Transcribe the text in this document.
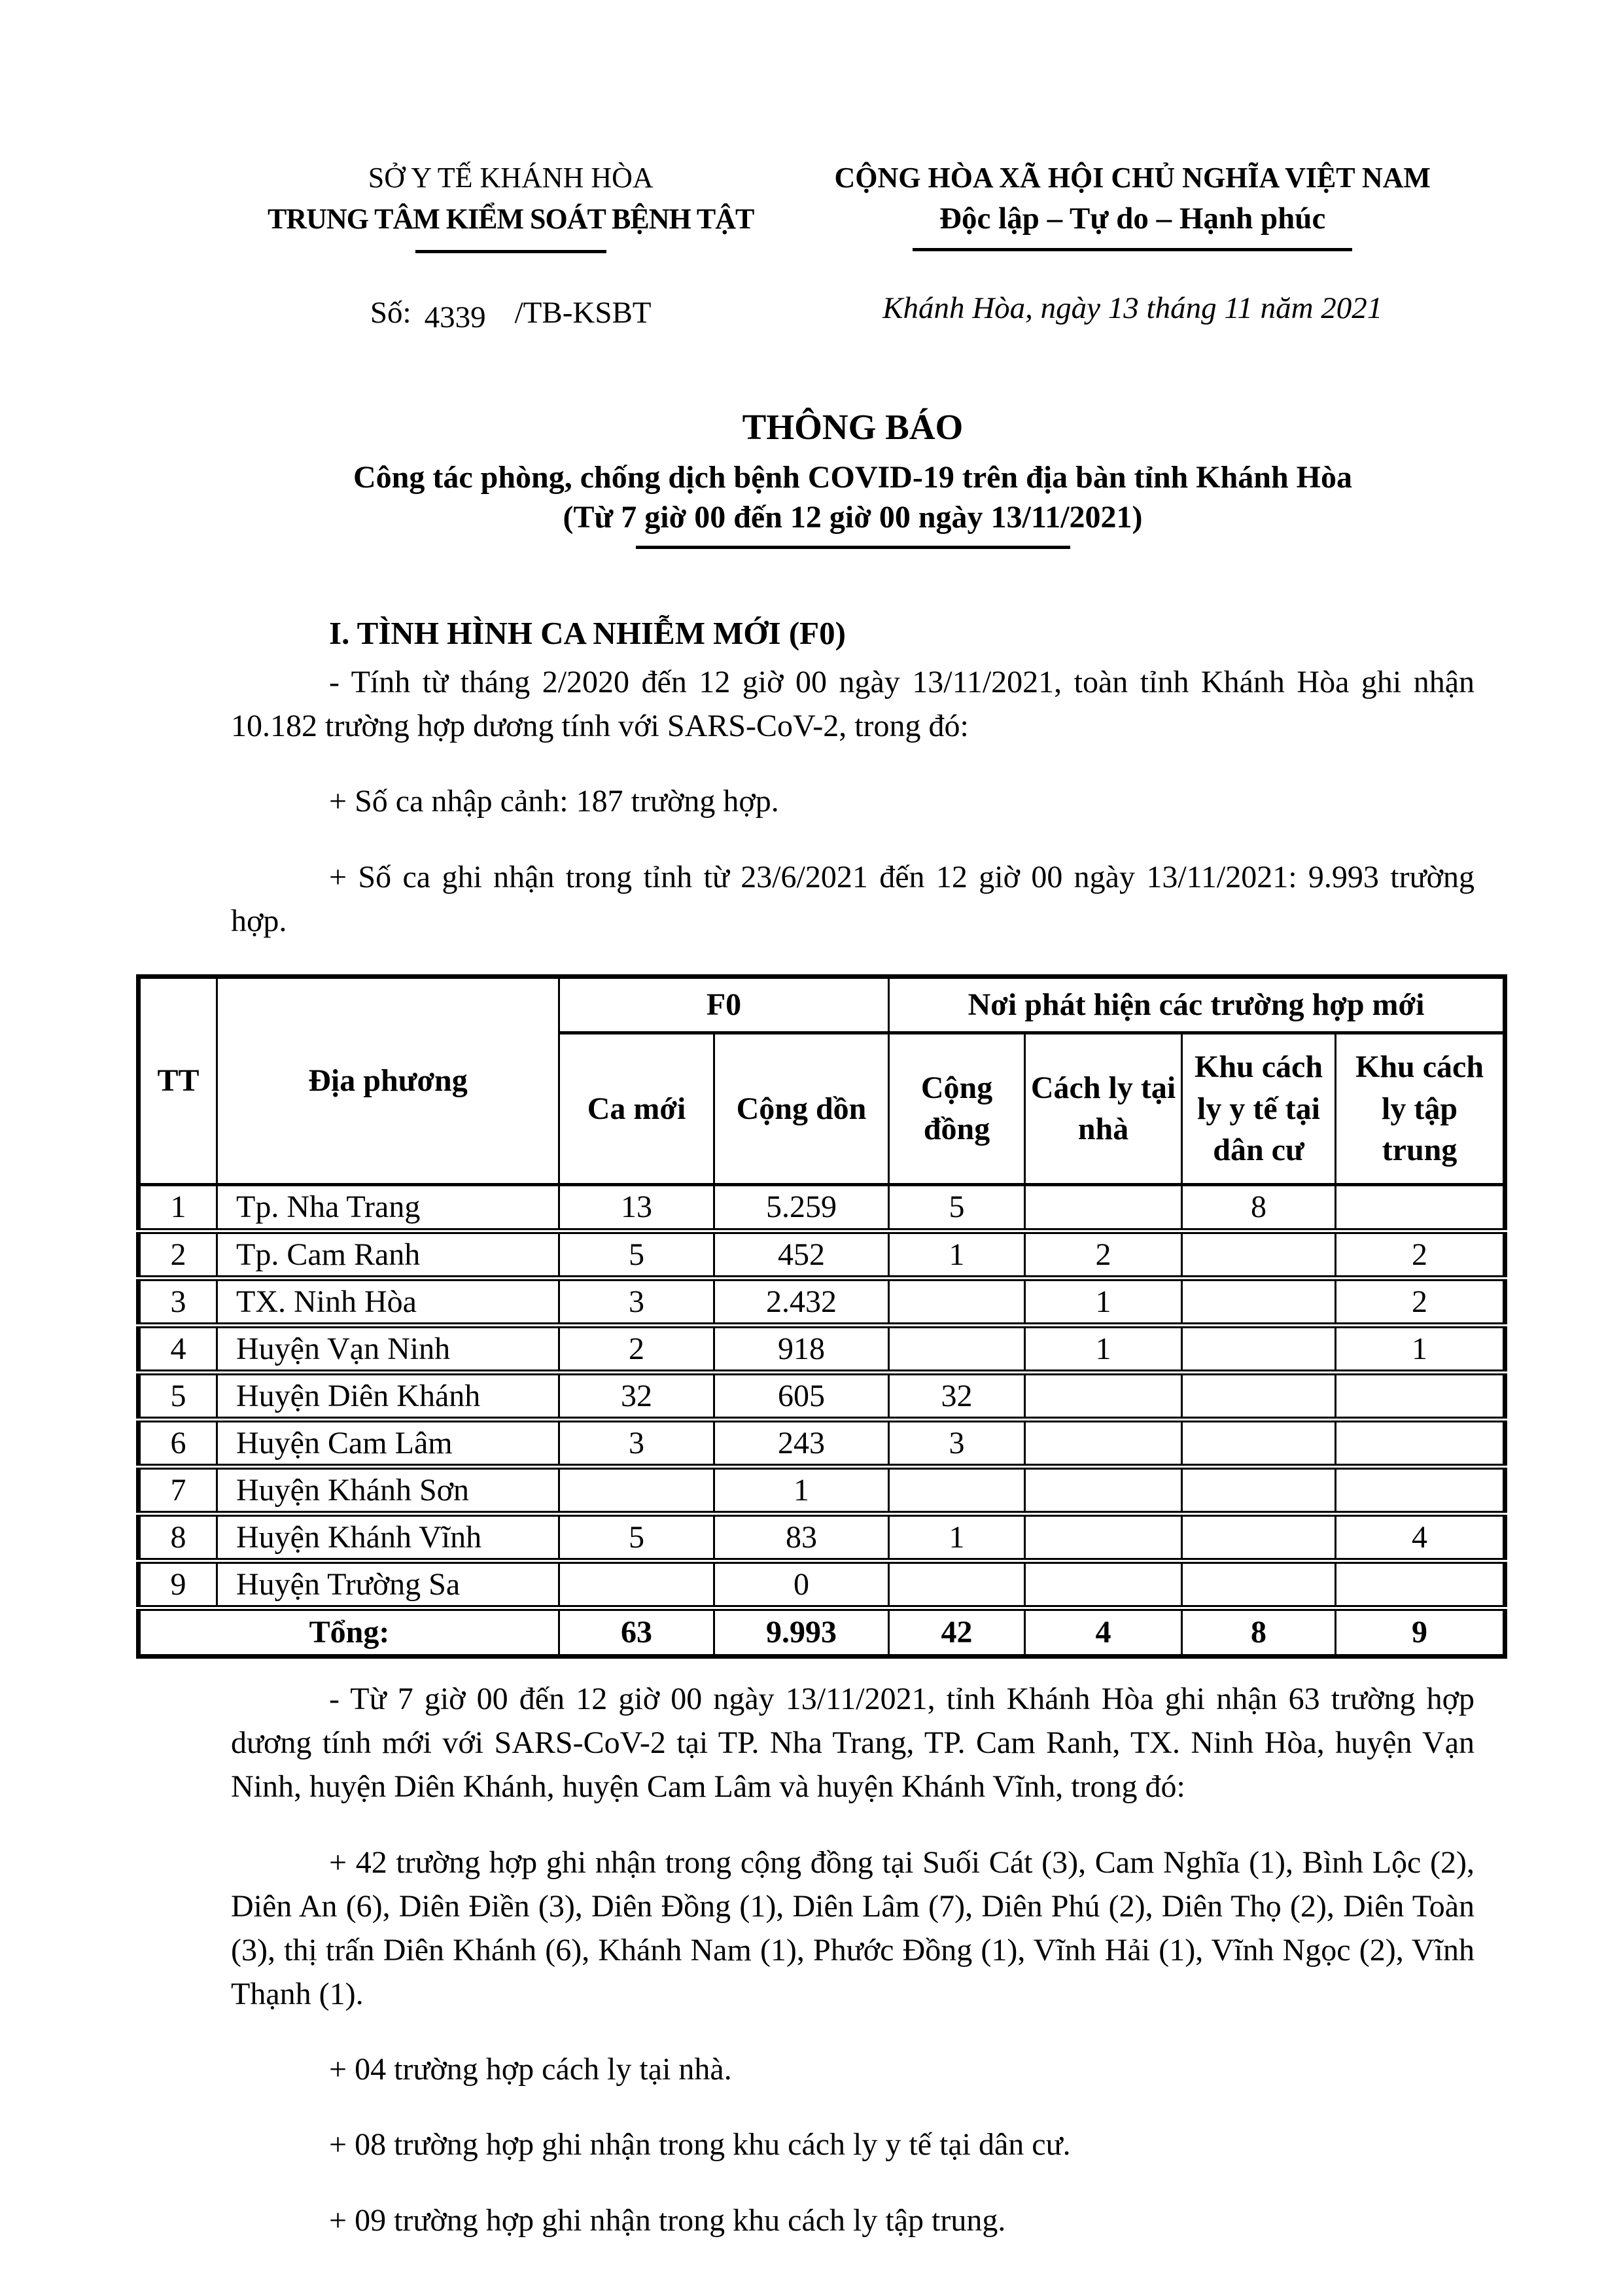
SỞ Y TẾ KHÁNH HÒA
TRUNG TÂM KIỂM SOÁT BỆNH TẬT
Số: 4339 /TB-KSBT
CỘNG HÒA XÃ HỘI CHỦ NGHĨA VIỆT NAM
Độc lập – Tự do – Hạnh phúc
Khánh Hòa, ngày 13 tháng 11 năm 2021
THÔNG BÁO
Công tác phòng, chống dịch bệnh COVID-19 trên địa bàn tỉnh Khánh Hòa
(Từ 7 giờ 00 đến 12 giờ 00 ngày 13/11/2021)
I. TÌNH HÌNH CA NHIỄM MỚI (F0)

- Tính từ tháng 2/2020 đến 12 giờ 00 ngày 13/11/2021, toàn tỉnh Khánh Hòa ghi nhận 10.182 trường hợp dương tính với SARS-CoV-2, trong đó:

+ Số ca nhập cảnh: 187 trường hợp.

+ Số ca ghi nhận trong tỉnh từ 23/6/2021 đến 12 giờ 00 ngày 13/11/2021: 9.993 trường hợp.

TT	Địa phương	F0		Nơi phát hiện các trường hợp mới			
		Ca mới	Cộng dồn	Cộng đồng	Cách ly tại nhà	Khu cách ly y tế tại dân cư	Khu cách ly tập trung
1	Tp. Nha Trang	13	5.259	5		8	
2	Tp. Cam Ranh	5	452	1	2		2
3	TX. Ninh Hòa	3	2.432		1		2
4	Huyện Vạn Ninh	2	918		1		1
5	Huyện Diên Khánh	32	605	32			
6	Huyện Cam Lâm	3	243	3			
7	Huyện Khánh Sơn		1				
8	Huyện Khánh Vĩnh	5	83	1			4
9	Huyện Trường Sa		0				
Tổng:		63	9.993	42	4	8	9

- Từ 7 giờ 00 đến 12 giờ 00 ngày 13/11/2021, tỉnh Khánh Hòa ghi nhận 63 trường hợp dương tính mới với SARS-CoV-2 tại TP. Nha Trang, TP. Cam Ranh, TX. Ninh Hòa, huyện Vạn Ninh, huyện Diên Khánh, huyện Cam Lâm và huyện Khánh Vĩnh, trong đó:

+ 42 trường hợp ghi nhận trong cộng đồng tại Suối Cát (3), Cam Nghĩa (1), Bình Lộc (2), Diên An (6), Diên Điền (3), Diên Đồng (1), Diên Lâm (7), Diên Phú (2), Diên Thọ (2), Diên Toàn (3), thị trấn Diên Khánh (6), Khánh Nam (1), Phước Đồng (1), Vĩnh Hải (1), Vĩnh Ngọc (2), Vĩnh Thạnh (1).

+ 04 trường hợp cách ly tại nhà.

+ 08 trường hợp ghi nhận trong khu cách ly y tế tại dân cư.

+ 09 trường hợp ghi nhận trong khu cách ly tập trung.
